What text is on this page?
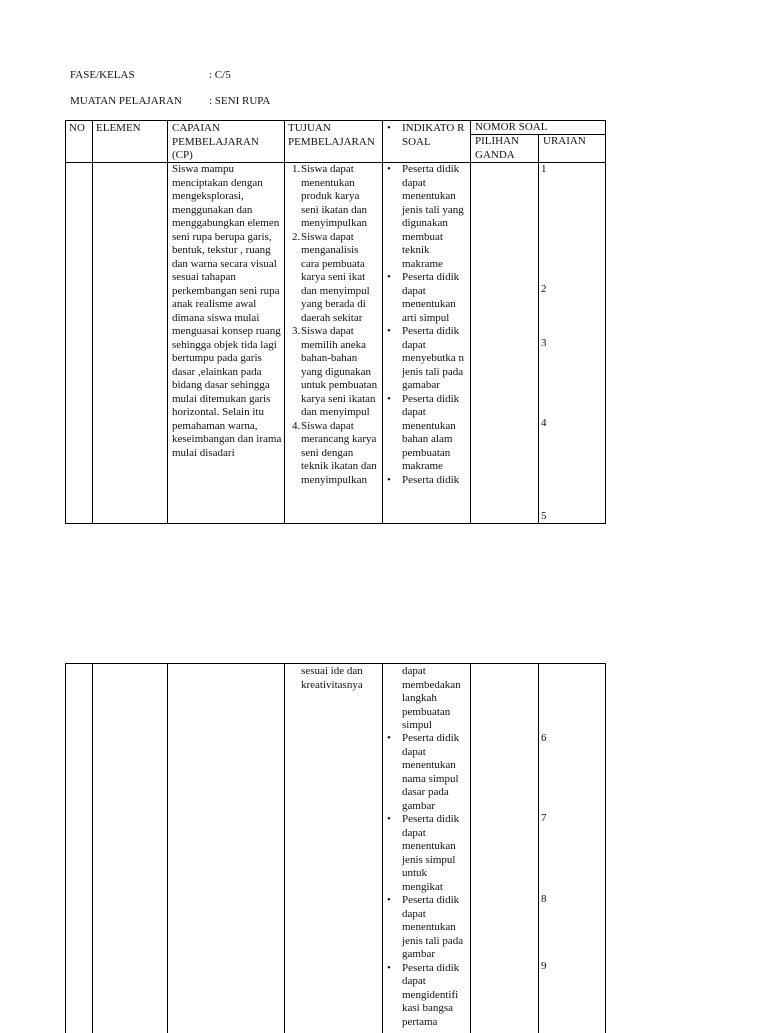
FASE/KELAS	: C/5
MUATAN PELAJARAN : SENI RUPA
NO ELEMEN	CAPAIAN PEMBELAJARAN (CP)
TUJUAN PEMBELAJARAN
• INDIKATO R SOAL
NOMOR SOAL
PILIHAN GANDA
URAIAN
Siswa mampu menciptakan dengan mengeksplorasi, menggunakan dan menggabungkan elemen seni rupa berupa garis, bentuk, tekstur , ruang dan warna secara visual sesuai tahapan perkembangan seni rupa anak realisme awal dimana siswa mulai menguasai konsep ruang sehingga objek tida lagi bertumpu pada garis dasar ,elainkan pada bidang dasar sehingga mulai ditemukan garis horizontal. Selain itu pemahaman warna, keseimbangan dan irama mulai disadari
1. Siswa dapat menentukan produk karya seni ikatan dan menyimpulkan
2. Siswa dapat menganalisis cara pembuata karya seni ikat dan menyimpul yang berada di daerah sekitar
3. Siswa dapat memilih aneka bahan-bahan yang digunakan untuk pembuatan karya seni ikatan dan menyimpul
4. Siswa dapat merancang karya seni dengan teknik ikatan dan menyimpulkan
• Peserta didik dapat menentukan jenis tali yang digunakan membuat teknik makrame
• Peserta didik dapat menentukan arti simpul
• Peserta didik dapat menyebutka n jenis tali pada gamabar
• Peserta didik dapat menentukan bahan alam pembuatan makrame
• Peserta didik
1
2
3
4
5
sesuai ide dan kreativitasnya
dapat membedakan langkah pembuatan simpul
• Peserta didik dapat menentukan nama simpul dasar pada gambar
• Peserta didik dapat menentukan jenis simpul untuk mengikat
• Peserta didik dapat menentukan jenis tali pada gambar
• Peserta didik dapat mengidentifi kasi bangsa pertama
6
7
8
9
